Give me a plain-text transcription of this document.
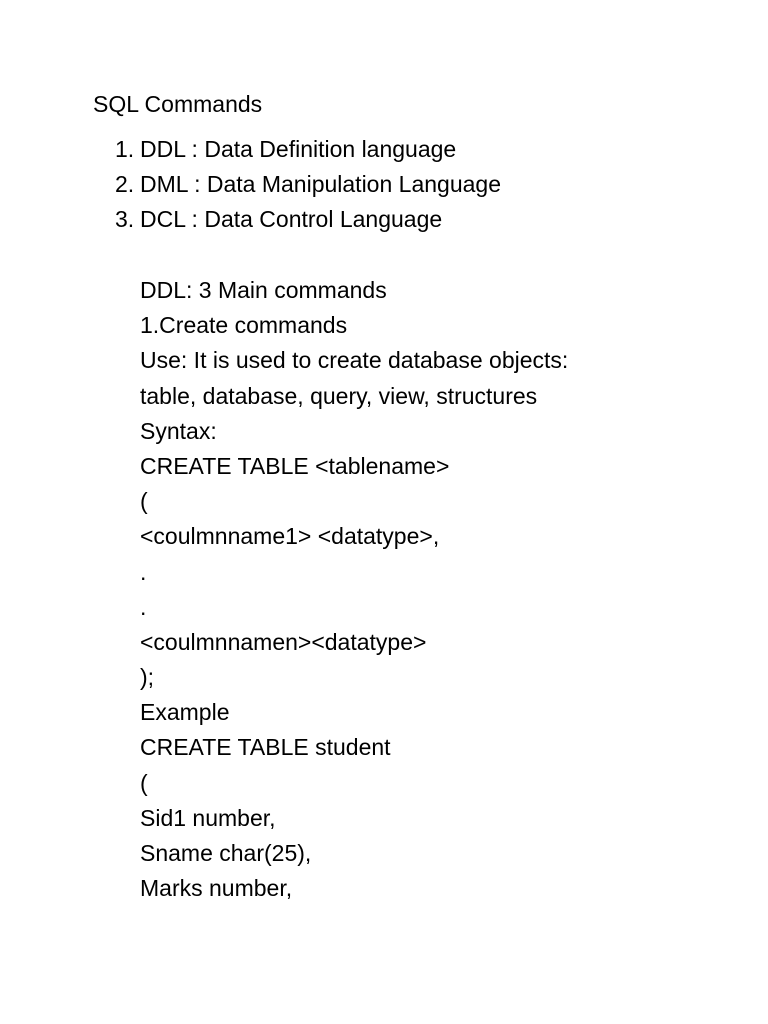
SQL Commands
1. DDL : Data Definition language
2. DML : Data Manipulation Language
3. DCL : Data Control Language
DDL: 3 Main commands
1.Create commands
Use: It is used to create database objects:
table, database, query, view, structures
Syntax:
CREATE TABLE <tablename>
(
<coulmnname1> <datatype>,
.
.
<coulmnnamen><datatype>
);
Example
CREATE TABLE student
(
Sid1 number,
Sname char(25),
Marks number,
